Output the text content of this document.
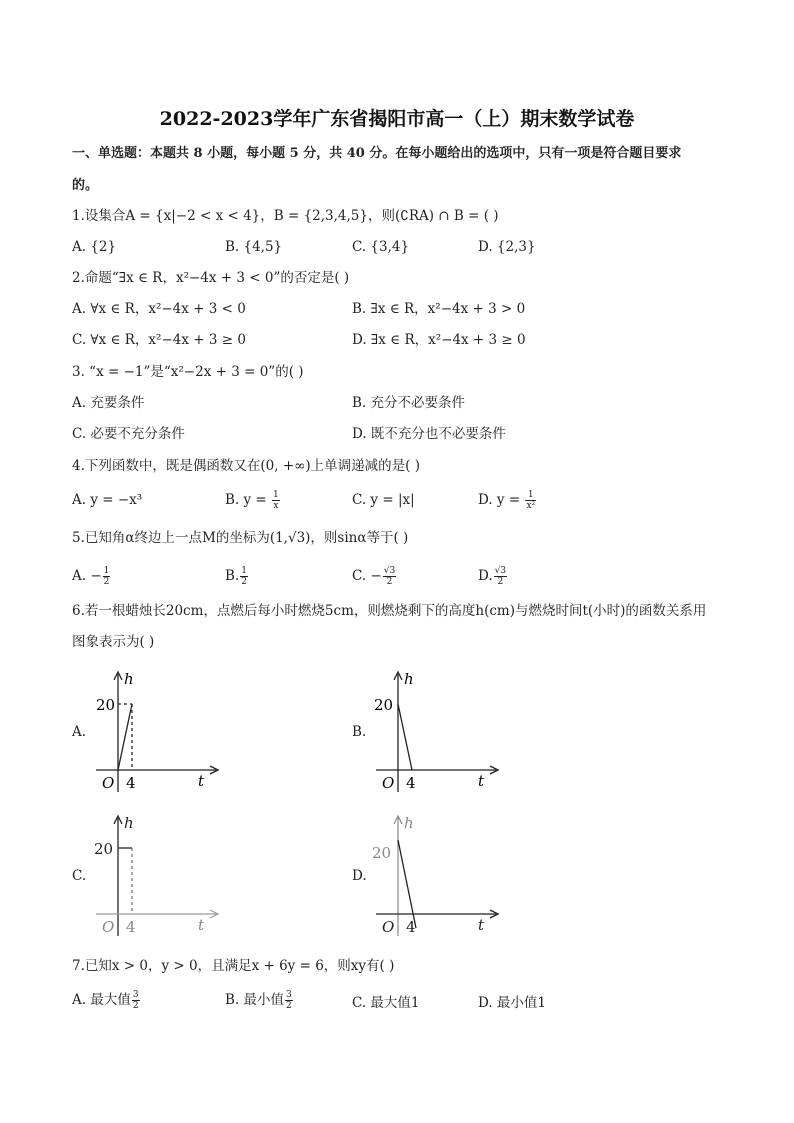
2022-2023学年广东省揭阳市高一（上）期末数学试卷
一、单选题：本题共 8 小题，每小题 5 分，共 40 分。在每小题给出的选项中，只有一项是符合题目要求
的。
1.设集合A = {x|−2 < x < 4}，B = {2,3,4,5}，则(∁RA) ∩ B = ( )
A. {2}	B. {4,5}	C. {3,4}	D. {2,3}
2.命题“∃x ∈ R，x²−4x + 3 < 0”的否定是( )
A. ∀x ∈ R，x²−4x + 3 < 0	B. ∃x ∈ R，x²−4x + 3 > 0
C. ∀x ∈ R，x²−4x + 3 ≥ 0	D. ∃x ∈ R，x²−4x + 3 ≥ 0
3. “x = −1”是“x²−2x + 3 = 0”的( )
A. 充要条件	B. 充分不必要条件
C. 必要不充分条件	D. 既不充分也不必要条件
4.下列函数中，既是偶函数又在(0, +∞)上单调递减的是( )
A. y = −x³	B. $y = \frac{1}{x}$	C. y = |x|	D. $y = \frac{1}{\text{x²}}$
5.已知角α终边上一点M的坐标为(1,√3)，则sinα等于( )
A. − $\frac{1}{2}$	B. $\frac{1}{2}$	C. − $\frac{√3}{2}$	D. $\frac{√3}{2}$
6.若一根蜡烛长20cm，点燃后每小时燃烧5cm，则燃烧剩下的高度h(cm)与燃烧时间t(小时)的函数关系用
图象表示为( )
A.
h
20
O 4	t
B.
h
20
O 4	t
C.
h
20
O 4	t
D.
h
20
O 4	t
7.已知x > 0，y > 0，且满足x + 6y = 6，则xy有( )
A. 最大值 $\frac{3}{2}$	B. 最小值 $\frac{3}{2}$	C. 最大值1	D. 最小值1
